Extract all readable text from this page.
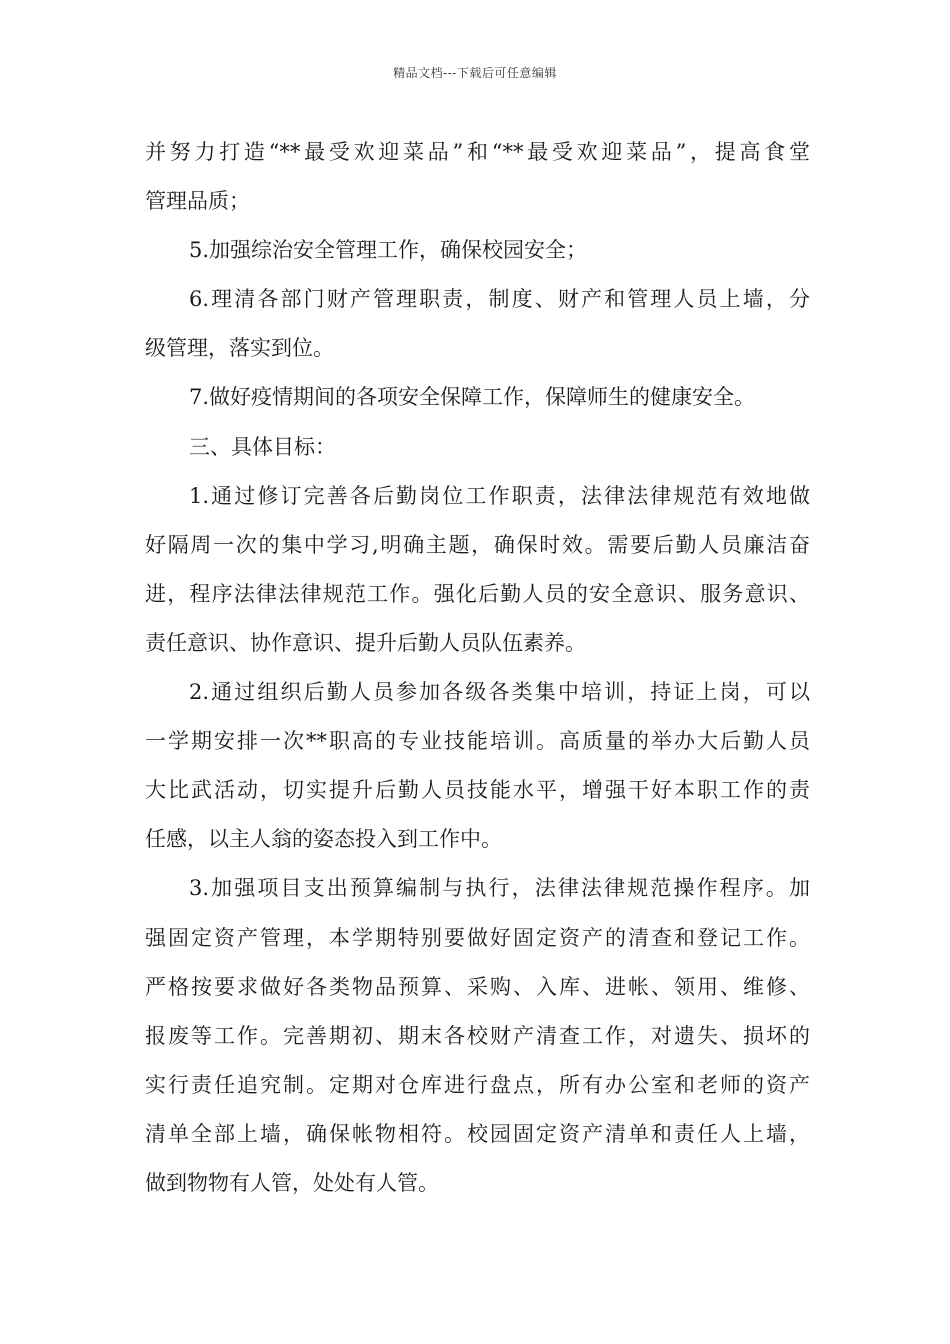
精品文档---下载后可任意编辑
并努力打造“**最受欢迎菜品”和“**最受欢迎菜品”，提高食堂
管理品质；
5.加强综治安全管理工作，确保校园安全；
6.理清各部门财产管理职责，制度、财产和管理人员上墙，分
级管理，落实到位。
7.做好疫情期间的各项安全保障工作，保障师生的健康安全。
三、具体目标：
1.通过修订完善各后勤岗位工作职责，法律法律规范有效地做
好隔周一次的集中学习,明确主题，确保时效。需要后勤人员廉洁奋
进，程序法律法律规范工作。强化后勤人员的安全意识、服务意识、
责任意识、协作意识、提升后勤人员队伍素养。
2.通过组织后勤人员参加各级各类集中培训，持证上岗，可以
一学期安排一次**职高的专业技能培训。高质量的举办大后勤人员
大比武活动，切实提升后勤人员技能水平，增强干好本职工作的责
任感，以主人翁的姿态投入到工作中。
3.加强项目支出预算编制与执行，法律法律规范操作程序。加
强固定资产管理，本学期特别要做好固定资产的清查和登记工作。
严格按要求做好各类物品预算、采购、入库、进帐、领用、维修、
报废等工作。完善期初、期末各校财产清查工作，对遗失、损坏的
实行责任追究制。定期对仓库进行盘点，所有办公室和老师的资产
清单全部上墙，确保帐物相符。校园固定资产清单和责任人上墙，
做到物物有人管，处处有人管。
